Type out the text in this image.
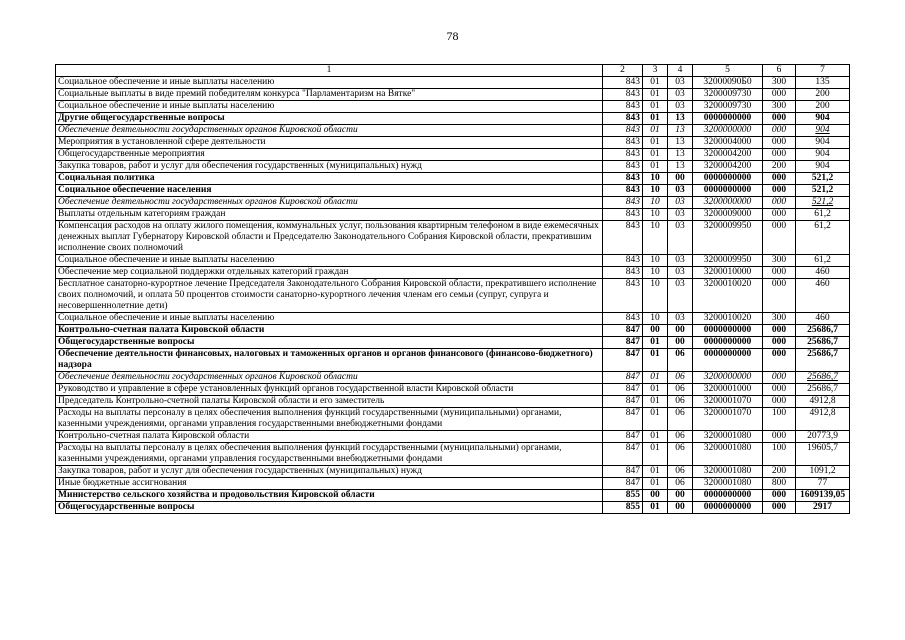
78
1	2	3	4	5	6	7
Социальное обеспечение и иные выплаты населению	843	01	03	32000090Б0	300	135
Социальные выплаты в виде премий победителям конкурса "Парламентаризм на Вятке"	843	01	03	3200009730	000	200
Социальное обеспечение и иные выплаты населению	843	01	03	3200009730	300	200
Другие общегосударственные вопросы	843	01	13	0000000000	000	904
Обеспечение деятельности государственных органов Кировской области	843	01	13	3200000000	000	904
Мероприятия в установленной сфере деятельности	843	01	13	3200004000	000	904
Общегосударственные мероприятия	843	01	13	3200004200	000	904
Закупка товаров, работ и услуг для обеспечения государственных (муниципальных) нужд	843	01	13	3200004200	200	904
Социальная политика	843	10	00	0000000000	000	521,2
Социальное обеспечение населения	843	10	03	0000000000	000	521,2
Обеспечение деятельности государственных органов Кировской области	843	10	03	3200000000	000	521,2
Выплаты отдельным категориям граждан	843	10	03	3200009000	000	61,2
Компенсация расходов на оплату жилого помещения, коммунальных услуг, пользования квартирным телефоном в виде ежемесячных денежных выплат Губернатору Кировской области и Председателю Законодательного Собрания Кировской области, прекратившим исполнение своих полномочий	843	10	03	3200009950	000	61,2
Социальное обеспечение и иные выплаты населению	843	10	03	3200009950	300	61,2
Обеспечение мер социальной поддержки отдельных категорий граждан	843	10	03	3200010000	000	460
Бесплатное санаторно-курортное лечение Председателя Законодательного Собрания Кировской области, прекратившего исполнение своих полномочий, и оплата 50 процентов стоимости санаторно-курортного лечения членам его семьи (супруг, супруга и несовершеннолетние дети)	843	10	03	3200010020	000	460
Социальное обеспечение и иные выплаты населению	843	10	03	3200010020	300	460
Контрольно-счетная палата Кировской области	847	00	00	0000000000	000	25686,7
Общегосударственные вопросы	847	01	00	0000000000	000	25686,7
Обеспечение деятельности финансовых, налоговых и таможенных органов и органов финансового (финансово-бюджетного) надзора	847	01	06	0000000000	000	25686,7
Обеспечение деятельности государственных органов Кировской области	847	01	06	3200000000	000	25686,7
Руководство и управление в сфере установленных функций органов государственной власти Кировской области	847	01	06	3200001000	000	25686,7
Председатель Контрольно-счетной палаты Кировской области и его заместитель	847	01	06	3200001070	000	4912,8
Расходы на выплаты персоналу в целях обеспечения выполнения функций государственными (муниципальными) органами, казенными учреждениями, органами управления государственными внебюджетными фондами	847	01	06	3200001070	100	4912,8
Контрольно-счетная палата Кировской области	847	01	06	3200001080	000	20773,9
Расходы на выплаты персоналу в целях обеспечения выполнения функций государственными (муниципальными) органами, казенными учреждениями, органами управления государственными внебюджетными фондами	847	01	06	3200001080	100	19605,7
Закупка товаров, работ и услуг для обеспечения государственных (муниципальных) нужд	847	01	06	3200001080	200	1091,2
Иные бюджетные ассигнования	847	01	06	3200001080	800	77
Министерство сельского хозяйства и продовольствия Кировской области	855	00	00	0000000000	000	1609139,05
Общегосударственные вопросы	855	01	00	0000000000	000	2917
